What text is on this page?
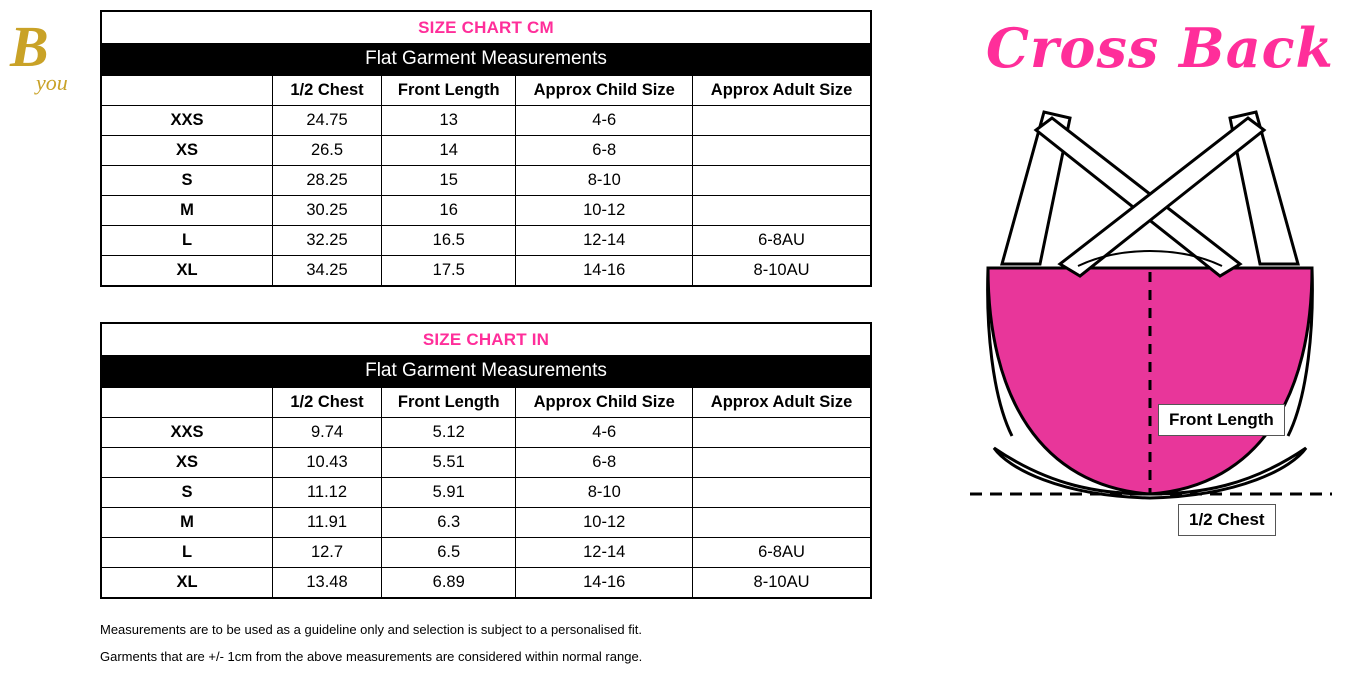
B
you
SIZE CHART CM
Flat Garment Measurements
	1/2 Chest	Front Length	Approx Child Size	Approx Adult Size
XXS	24.75	13	4-6	
XS	26.5	14	6-8	
S	28.25	15	8-10	
M	30.25	16	10-12	
L	32.25	16.5	12-14	6-8AU
XL	34.25	17.5	14-16	8-10AU
SIZE CHART IN
Flat Garment Measurements
	1/2 Chest	Front Length	Approx Child Size	Approx Adult Size
XXS	9.74	5.12	4-6	
XS	10.43	5.51	6-8	
S	11.12	5.91	8-10	
M	11.91	6.3	10-12	
L	12.7	6.5	12-14	6-8AU
XL	13.48	6.89	14-16	8-10AU
Measurements are to be used as a guideline only and selection is subject to a personalised fit.
Garments that are +/- 1cm from the above measurements are considered within normal range.
Cross Back
Front Length
1/2 Chest
